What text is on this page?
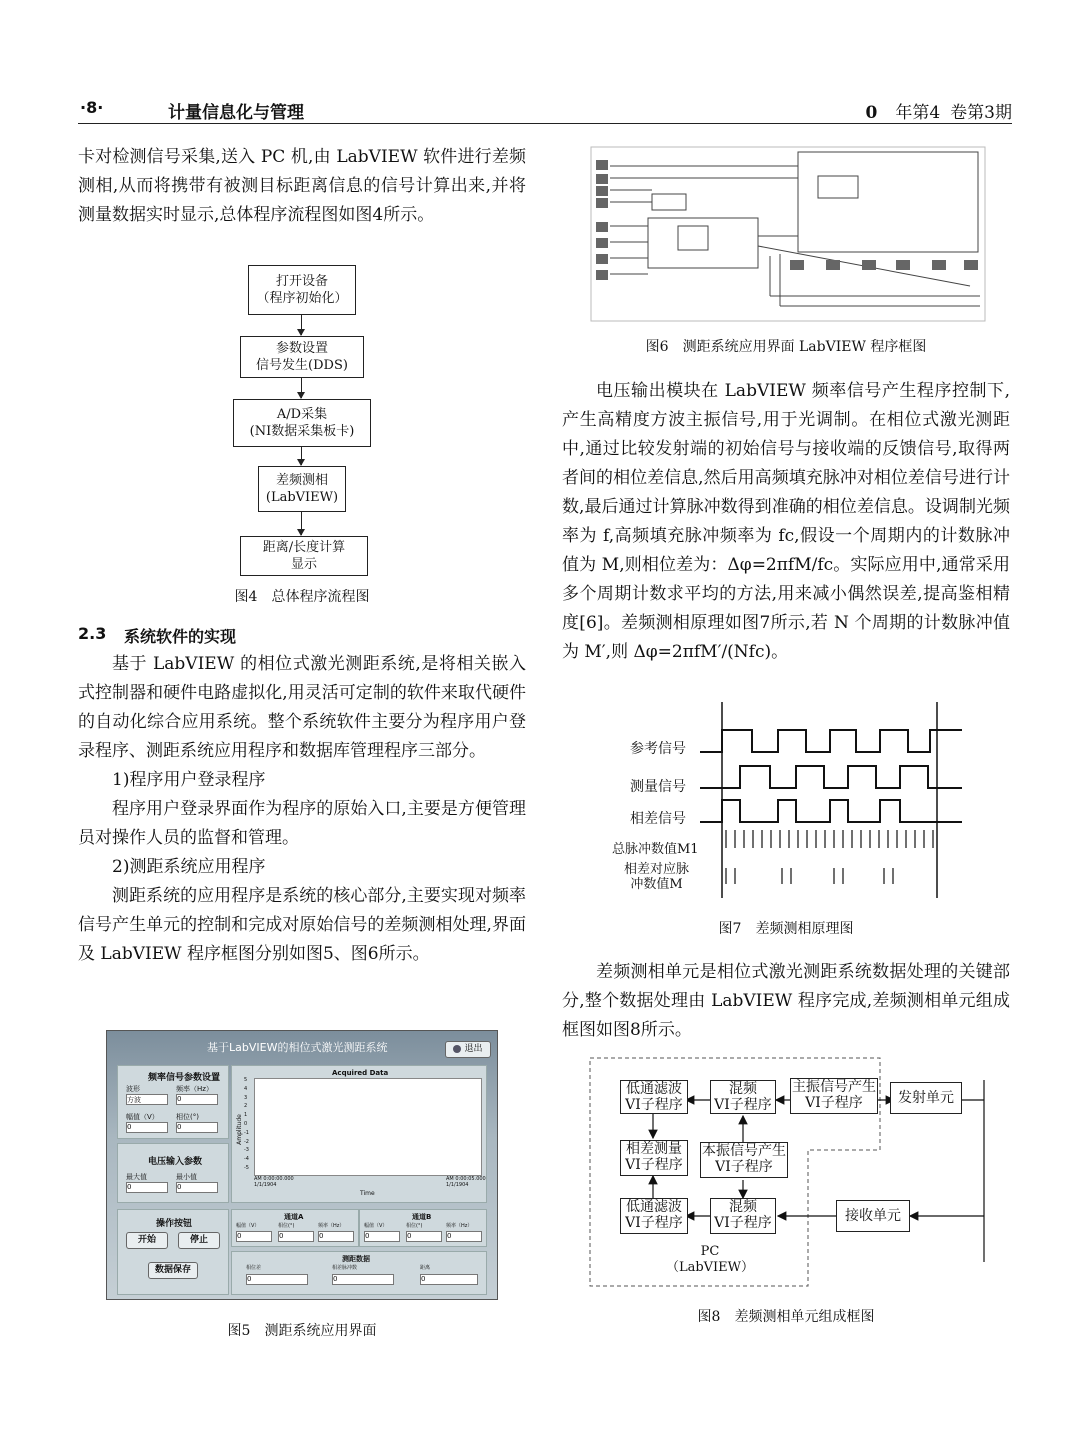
·8·	计量信息化与管理	0 年第4 卷第3期
卡对检测信号采集,送入 PC 机,由 LabVIEW 软件进行差频测相,从而将携带有被测目标距离信息的信号计算出来,并将测量数据实时显示,总体程序流程图如图4所示。
打开设备
（程序初始化）
参数设置
信号发生(DDS)
A/D采集
(NI数据采集板卡)
差频测相
(LabVIEW)
距离/长度计算
显示
图4　总体程序流程图
2.3 系统软件的实现

基于 LabVIEW 的相位式激光测距系统,是将相关嵌入式控制器和硬件电路虚拟化,用灵活可定制的软件来取代硬件的自动化综合应用系统。整个系统软件主要分为程序用户登录程序、测距系统应用程序和数据库管理程序三部分。

1)程序用户登录程序

程序用户登录界面作为程序的原始入口,主要是方便管理员对操作人员的监督和管理。

2)测距系统应用程序

测距系统的应用程序是系统的核心部分,主要实现对频率信号产生单元的控制和完成对原始信号的差频测相处理,界面及 LabVIEW 程序框图分别如图5、图6所示。

基于LabVIEW的相位式激光测距系统	退出
频率信号参数设置
波形
方波
频率（Hz）
0
幅值（V）
0
相位(°)
0
电压输入参数
最大值
0
最小值
0
操作按钮
开始	停止
数据保存
Acquired Data
Amplitude
5
4
3
2
1
0
-1
-2
-3
-4
-5
AM 0:00:00.000 1/1/1904
AM 0:00:05.000 1/1/1904
Time
通道A
幅值（V）	相位(°)	频率（Hz）
0	0	0
通道B
幅值（V）	相位(°)	频率（Hz）
0	0	0
测距数据
相位差	相差脉冲数	距离
0	0	0
图5　测距系统应用界面
图6　测距系统应用界面 LabVIEW 程序框图
电压输出模块在 LabVIEW 频率信号产生程序控制下,产生高精度方波主振信号,用于光调制。在相位式激光测距中,通过比较发射端的初始信号与接收端的反馈信号,取得两者间的相位差信息,然后用高频填充脉冲对相位差信号进行计数,最后通过计算脉冲数得到准确的相位差信息。设调制光频率为 f,高频填充脉冲频率为 fc,假设一个周期内的计数脉冲值为 M,则相位差为：Δφ=2πfM/fc。实际应用中,通常采用多个周期计数求平均的方法,用来减小偶然误差,提高鉴相精度[6]。差频测相原理如图7所示,若 N 个周期的计数脉冲值为 M′,则 Δφ=2πfM′/(Nfc)。
参考信号
测量信号
相差信号
总脉冲数值M1
相差对应脉
冲数值M
图7　差频测相原理图
差频测相单元是相位式激光测距系统数据处理的关键部分,整个数据处理由 LabVIEW 程序完成,差频测相单元组成框图如图8所示。
低通滤波
VI子程序
混频
VI子程序
主振信号产生
VI子程序	发射单元
相差测量
VI子程序
本振信号产生
VI子程序
低通滤波
VI子程序
混频
VI子程序	接收单元
PC
（LabVIEW）
图8　差频测相单元组成框图
